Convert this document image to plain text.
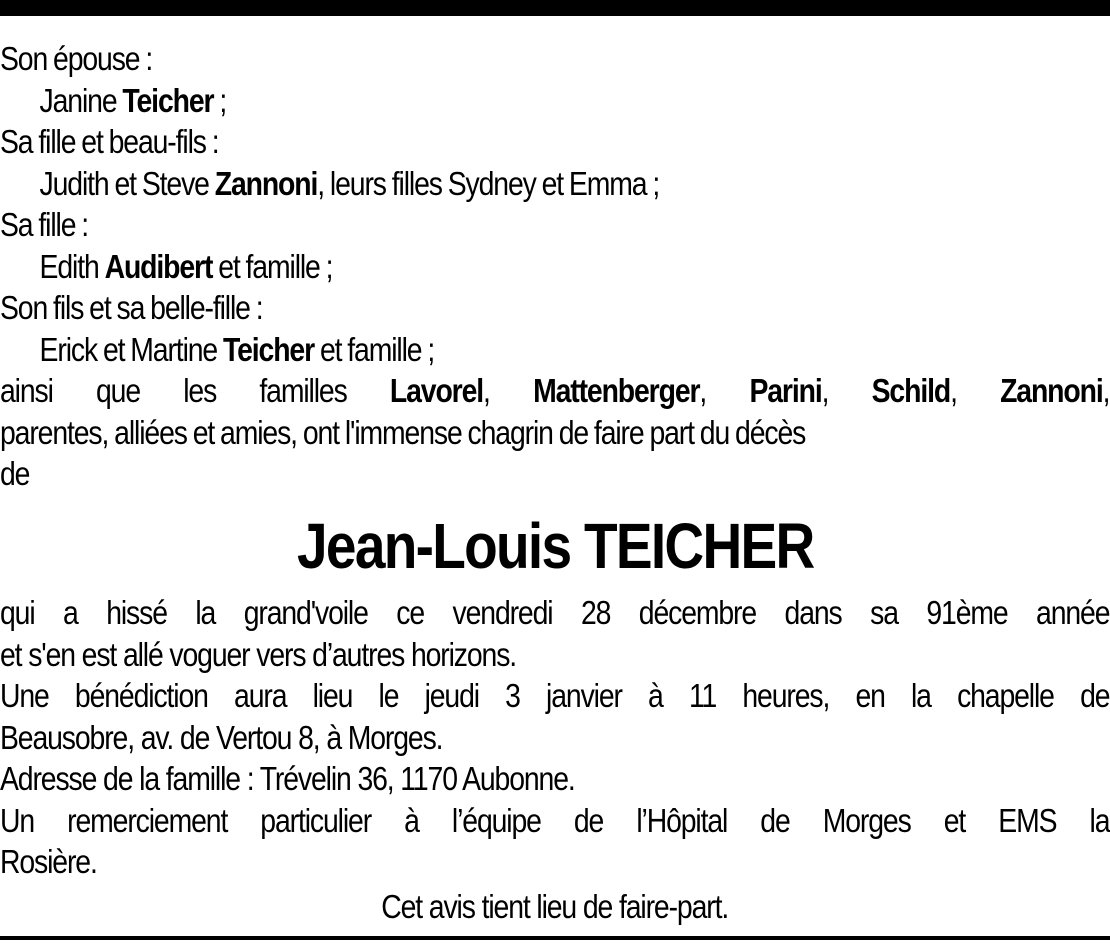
Son épouse :
Janine Teicher ;
Sa fille et beau-fils :
Judith et Steve Zannoni, leurs filles Sydney et Emma ;
Sa fille :
Edith Audibert et famille ;
Son fils et sa belle-fille :
Erick et Martine Teicher et famille ;
ainsi que les familles Lavorel, Mattenberger, Parini, Schild, Zannoni,
parentes, alliées et amies, ont l'immense chagrin de faire part du décès
de
Jean-Louis TEICHER
qui a hissé la grand'voile ce vendredi 28 décembre dans sa 91ème année
et s'en est allé voguer vers d’autres horizons.
Une bénédiction aura lieu le jeudi 3 janvier à 11 heures, en la chapelle de
Beausobre, av. de Vertou 8, à Morges.
Adresse de la famille : Trévelin 36, 1170 Aubonne.
Un remerciement particulier à l’équipe de l’Hôpital de Morges et EMS la
Rosière.
Cet avis tient lieu de faire-part.
